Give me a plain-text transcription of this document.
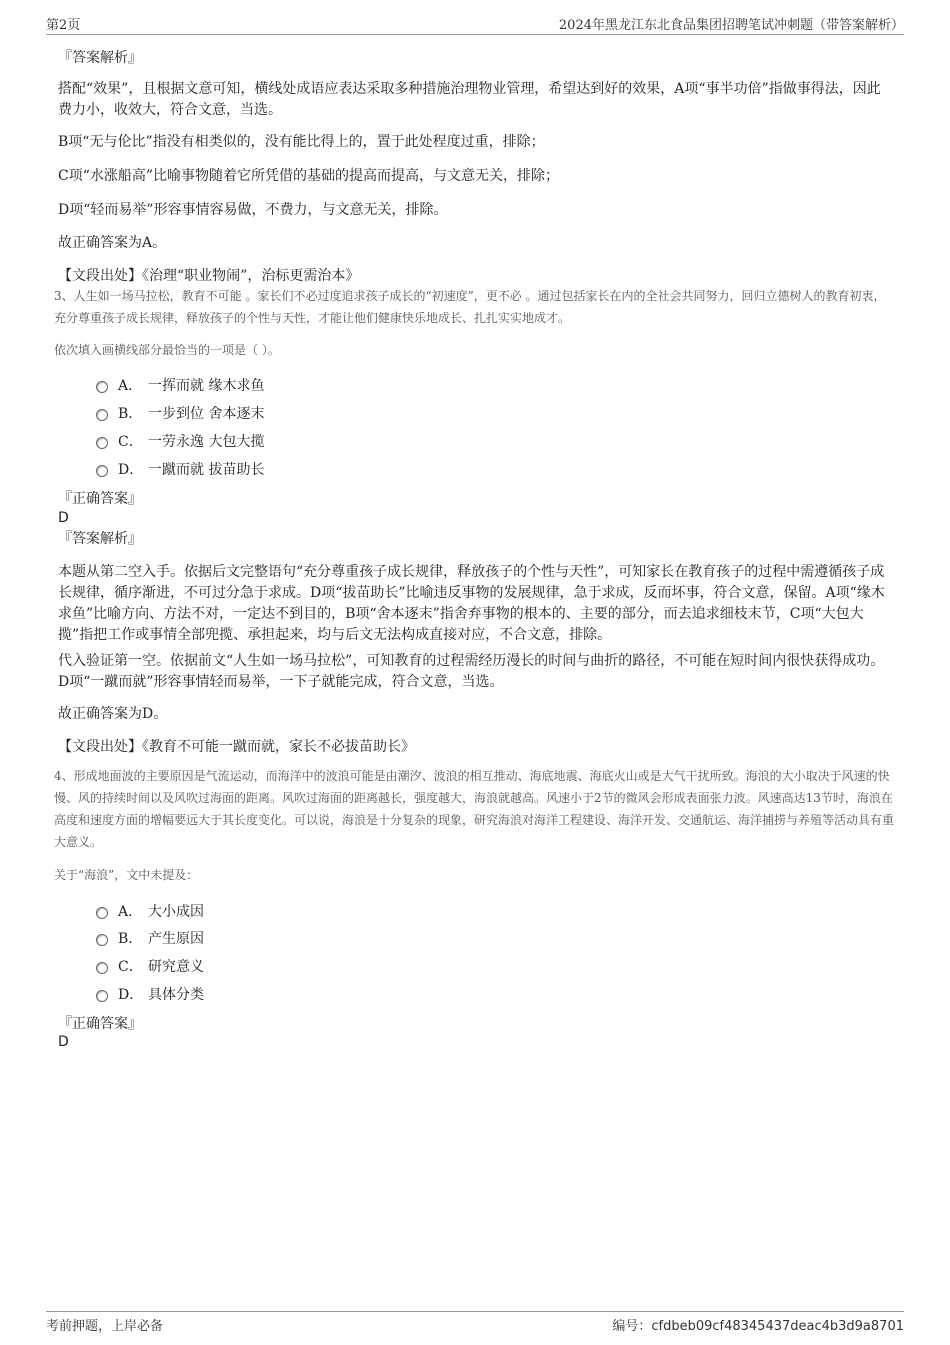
第2页	2024年黑龙江东北食品集团招聘笔试冲刺题（带答案解析）

『答案解析』

搭配“效果”，且根据文意可知，横线处成语应表达采取多种措施治理物业管理，希望达到好的效果，A项“事半功倍”指做事得法，因此费力小，收效大，符合文意，当选。

B项“无与伦比”指没有相类似的，没有能比得上的，置于此处程度过重，排除；

C项“水涨船高”比喻事物随着它所凭借的基础的提高而提高，与文意无关，排除；

D项“轻而易举”形容事情容易做，不费力，与文意无关，排除。

故正确答案为A。

【文段出处】《治理“职业物闹”，治标更需治本》

3、人生如一场马拉松，教育不可能 。家长们不必过度追求孩子成长的“初速度”，更不必 。通过包括家长在内的全社会共同努力，回归立德树人的教育初衷，充分尊重孩子成长规律，释放孩子的个性与天性，才能让他们健康快乐地成长、扎扎实实地成才。

依次填入画横线部分最恰当的一项是（ ）。

A． 一挥而就 缘木求鱼
B． 一步到位 舍本逐末
C． 一劳永逸 大包大揽
D． 一蹴而就 拔苗助长

『正确答案』

D

『答案解析』

本题从第二空入手。依据后文完整语句“充分尊重孩子成长规律，释放孩子的个性与天性”，可知家长在教育孩子的过程中需遵循孩子成长规律，循序渐进，不可过分急于求成。D项“拔苗助长”比喻违反事物的发展规律，急于求成，反而坏事，符合文意，保留。A项“缘木求鱼”比喻方向、方法不对，一定达不到目的，B项“舍本逐末”指舍弃事物的根本的、主要的部分，而去追求细枝末节，C项“大包大揽”指把工作或事情全部兜揽、承担起来，均与后文无法构成直接对应，不合文意，排除。

代入验证第一空。依据前文“人生如一场马拉松”，可知教育的过程需经历漫长的时间与曲折的路径，不可能在短时间内很快获得成功。D项“一蹴而就”形容事情轻而易举，一下子就能完成，符合文意，当选。

故正确答案为D。

【文段出处】《教育不可能一蹴而就，家长不必拔苗助长》

4、形成地面波的主要原因是气流运动，而海洋中的波浪可能是由潮汐、波浪的相互推动、海底地震、海底火山或是大气干扰所致。海浪的大小取决于风速的快慢、风的持续时间以及风吹过海面的距离。风吹过海面的距离越长，强度越大，海浪就越高。风速小于2节的微风会形成表面张力波。风速高达13节时，海浪在高度和速度方面的增幅要远大于其长度变化。可以说，海浪是十分复杂的现象，研究海浪对海洋工程建设、海洋开发、交通航运、海洋捕捞与养殖等活动具有重大意义。

关于“海浪”，文中未提及：

A． 大小成因
B． 产生原因
C． 研究意义
D． 具体分类

『正确答案』

D

考前押题，上岸必备	编号：cfdbeb09cf48345437deac4b3d9a8701
